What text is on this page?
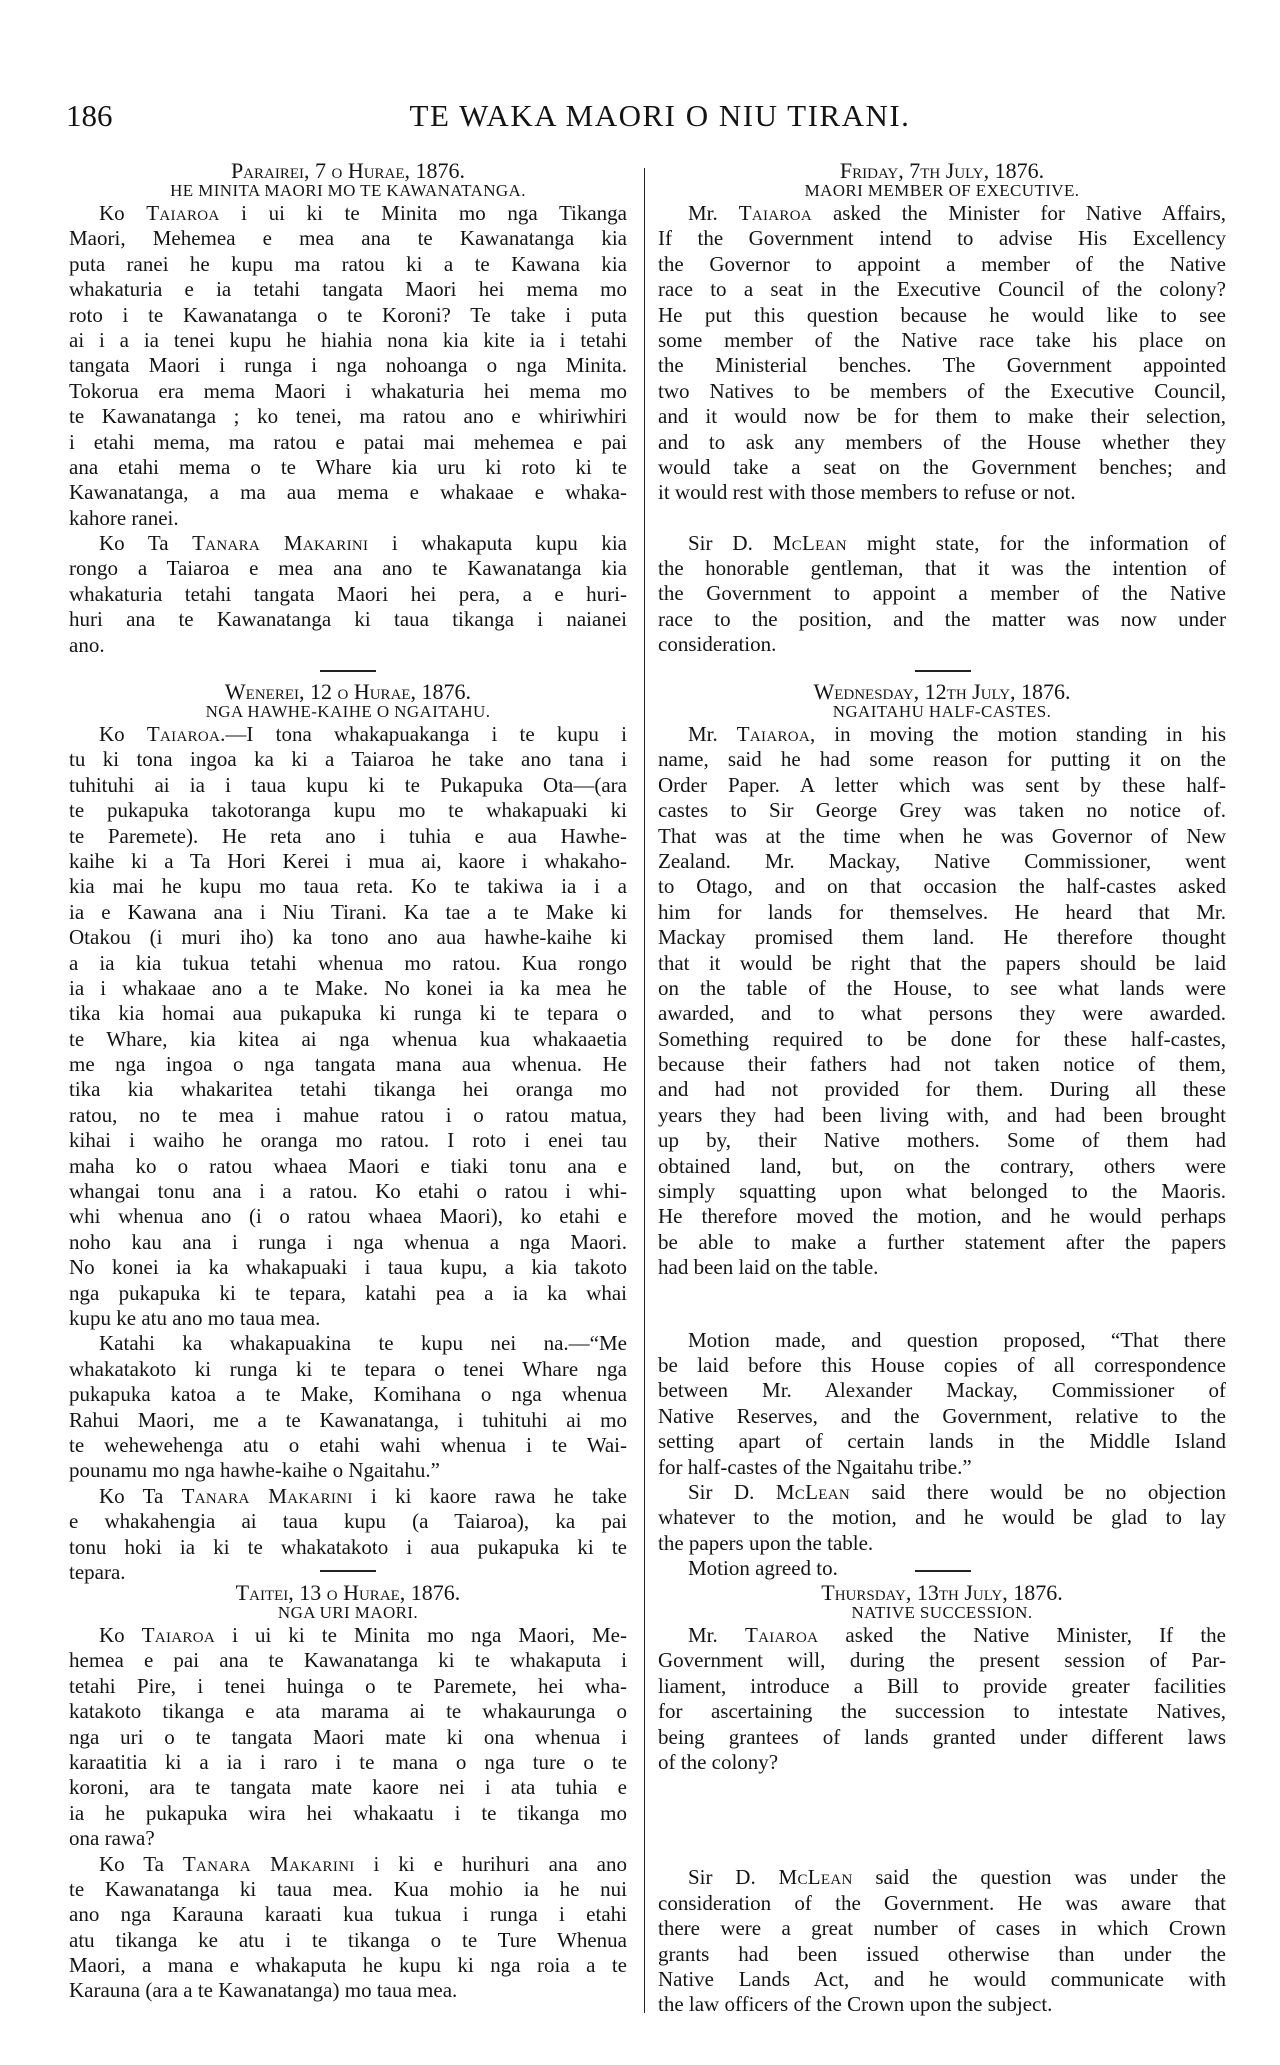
186	TE WAKA MAORI O NIU TIRANI.
Parairei, 7 o Hurae, 1876.
HE MINITA MAORI MO TE KAWANATANGA.
Ko Taiaroa i ui ki te Minita mo nga Tikanga
Maori, Mehemea e mea ana te Kawanatanga kia
puta ranei he kupu ma ratou ki a te Kawana kia
whakaturia e ia tetahi tangata Maori hei mema mo
roto i te Kawanatanga o te Koroni? Te take i puta
ai i a ia tenei kupu he hiahia nona kia kite ia i tetahi
tangata Maori i runga i nga nohoanga o nga Minita.
Tokorua era mema Maori i whakaturia hei mema mo
te Kawanatanga ; ko tenei, ma ratou ano e whiriwhiri
i etahi mema, ma ratou e patai mai mehemea e pai
ana etahi mema o te Whare kia uru ki roto ki te
Kawanatanga, a ma aua mema e whakaae e whaka-
kahore ranei.
Ko Ta Tanara Makarini i whakaputa kupu kia
rongo a Taiaroa e mea ana ano te Kawanatanga kia
whakaturia tetahi tangata Maori hei pera, a e huri-
huri ana te Kawanatanga ki taua tikanga i naianei
ano.
Friday, 7th July, 1876.
MAORI MEMBER OF EXECUTIVE.
Mr. Taiaroa asked the Minister for Native Affairs,
If the Government intend to advise His Excellency
the Governor to appoint a member of the Native
race to a seat in the Executive Council of the colony?
He put this question because he would like to see
some member of the Native race take his place on
the Ministerial benches. The Government appointed
two Natives to be members of the Executive Council,
and it would now be for them to make their selection,
and to ask any members of the House whether they
would take a seat on the Government benches; and
it would rest with those members to refuse or not.
Sir D. McLean might state, for the information of
the honorable gentleman, that it was the intention of
the Government to appoint a member of the Native
race to the position, and the matter was now under
consideration.
Wenerei, 12 o Hurae, 1876.
NGA HAWHE-KAIHE O NGAITAHU.
Ko Taiaroa.—I tona whakapuakanga i te kupu i
tu ki tona ingoa ka ki a Taiaroa he take ano tana i
tuhituhi ai ia i taua kupu ki te Pukapuka Ota—(ara
te pukapuka takotoranga kupu mo te whakapuaki ki
te Paremete). He reta ano i tuhia e aua Hawhe-
kaihe ki a Ta Hori Kerei i mua ai, kaore i whakaho-
kia mai he kupu mo taua reta. Ko te takiwa ia i a
ia e Kawana ana i Niu Tirani. Ka tae a te Make ki
Otakou (i muri iho) ka tono ano aua hawhe-kaihe ki
a ia kia tukua tetahi whenua mo ratou. Kua rongo
ia i whakaae ano a te Make. No konei ia ka mea he
tika kia homai aua pukapuka ki runga ki te tepara o
te Whare, kia kitea ai nga whenua kua whakaaetia
me nga ingoa o nga tangata mana aua whenua. He
tika kia whakaritea tetahi tikanga hei oranga mo
ratou, no te mea i mahue ratou i o ratou matua,
kihai i waiho he oranga mo ratou. I roto i enei tau
maha ko o ratou whaea Maori e tiaki tonu ana e
whangai tonu ana i a ratou. Ko etahi o ratou i whi-
whi whenua ano (i o ratou whaea Maori), ko etahi e
noho kau ana i runga i nga whenua a nga Maori.
No konei ia ka whakapuaki i taua kupu, a kia takoto
nga pukapuka ki te tepara, katahi pea a ia ka whai
kupu ke atu ano mo taua mea.
Katahi ka whakapuakina te kupu nei na.—“Me
whakatakoto ki runga ki te tepara o tenei Whare nga
pukapuka katoa a te Make, Komihana o nga whenua
Rahui Maori, me a te Kawanatanga, i tuhituhi ai mo
te wehewehenga atu o etahi wahi whenua i te Wai-
pounamu mo nga hawhe-kaihe o Ngaitahu.”
Ko Ta Tanara Makarini i ki kaore rawa he take
e whakahengia ai taua kupu (a Taiaroa), ka pai
tonu hoki ia ki te whakatakoto i aua pukapuka ki te
tepara.
Wednesday, 12th July, 1876.
NGAITAHU HALF-CASTES.
Mr. Taiaroa, in moving the motion standing in his
name, said he had some reason for putting it on the
Order Paper. A letter which was sent by these half-
castes to Sir George Grey was taken no notice of.
That was at the time when he was Governor of New
Zealand. Mr. Mackay, Native Commissioner, went
to Otago, and on that occasion the half-castes asked
him for lands for themselves. He heard that Mr.
Mackay promised them land. He therefore thought
that it would be right that the papers should be laid
on the table of the House, to see what lands were
awarded, and to what persons they were awarded.
Something required to be done for these half-castes,
because their fathers had not taken notice of them,
and had not provided for them. During all these
years they had been living with, and had been brought
up by, their Native mothers. Some of them had
obtained land, but, on the contrary, others were
simply squatting upon what belonged to the Maoris.
He therefore moved the motion, and he would perhaps
be able to make a further statement after the papers
had been laid on the table.
Motion made, and question proposed, “That there
be laid before this House copies of all correspondence
between Mr. Alexander Mackay, Commissioner of
Native Reserves, and the Government, relative to the
setting apart of certain lands in the Middle Island
for half-castes of the Ngaitahu tribe.”
Sir D. McLean said there would be no objection
whatever to the motion, and he would be glad to lay
the papers upon the table.
Motion agreed to.
Taitei, 13 o Hurae, 1876.
NGA URI MAORI.
Ko Taiaroa i ui ki te Minita mo nga Maori, Me-
hemea e pai ana te Kawanatanga ki te whakaputa i
tetahi Pire, i tenei huinga o te Paremete, hei wha-
katakoto tikanga e ata marama ai te whakaurunga o
nga uri o te tangata Maori mate ki ona whenua i
karaatitia ki a ia i raro i te mana o nga ture o te
koroni, ara te tangata mate kaore nei i ata tuhia e
ia he pukapuka wira hei whakaatu i te tikanga mo
ona rawa?
Ko Ta Tanara Makarini i ki e hurihuri ana ano
te Kawanatanga ki taua mea. Kua mohio ia he nui
ano nga Karauna karaati kua tukua i runga i etahi
atu tikanga ke atu i te tikanga o te Ture Whenua
Maori, a mana e whakaputa he kupu ki nga roia a te
Karauna (ara a te Kawanatanga) mo taua mea.
Thursday, 13th July, 1876.
NATIVE SUCCESSION.
Mr. Taiaroa asked the Native Minister, If the
Government will, during the present session of Par-
liament, introduce a Bill to provide greater facilities
for ascertaining the succession to intestate Natives,
being grantees of lands granted under different laws
of the colony?
Sir D. McLean said the question was under the
consideration of the Government. He was aware that
there were a great number of cases in which Crown
grants had been issued otherwise than under the
Native Lands Act, and he would communicate with
the law officers of the Crown upon the subject.
